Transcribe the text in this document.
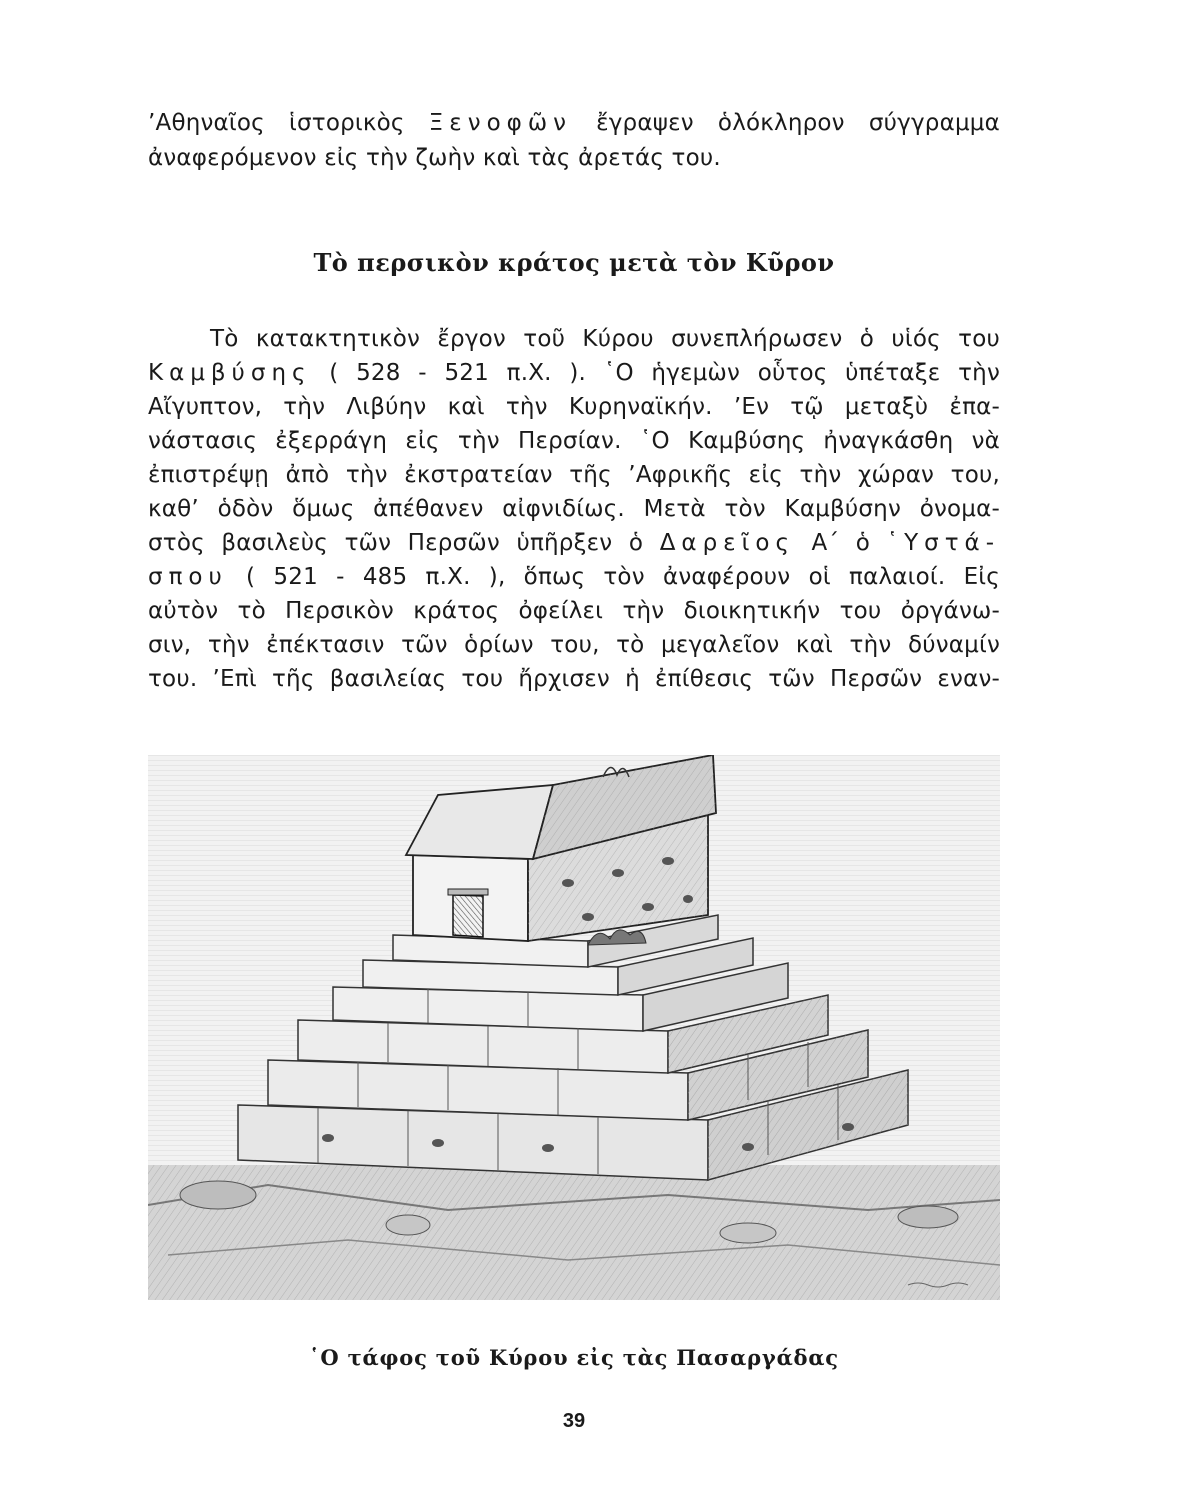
’Αθηναῖος ἱστορικὸς Ξενοφῶν ἔγραψεν ὁλόκληρον σύγγραμμα

ἀναφερόμενον εἰς τὴν ζωὴν καὶ τὰς ἀρετάς του.

Τὸ περσικὸν κράτος μετὰ τὸν Κῦρον

Τὸ κατακτητικὸν ἔργον τοῦ Κύρου συνεπλήρωσεν ὁ υἱός του

Καμβύσης ( 528 - 521 π.Χ. ). ῾Ο ἡγεμὼν οὗτος ὑπέταξε τὴν

Αἴγυπτον, τὴν Λιβύην καὶ τὴν Κυρηναϊκήν. ’Εν τῷ μεταξὺ ἐπα-

νάστασις ἐξερράγη εἰς τὴν Περσίαν. ῾Ο Καμβύσης ἠναγκάσθη νὰ

ἐπιστρέψῃ ἀπὸ τὴν ἐκστρατείαν τῆς ’Αφρικῆς εἰς τὴν χώραν του,

καθ’ ὁδὸν ὅμως ἀπέθανεν αἰφνιδίως. Μετὰ τὸν Καμβύσην ὀνομα-

στὸς βασιλεὺς τῶν Περσῶν ὑπῆρξεν ὁ Δαρεῖος Α΄ ὁ ῾Υστά-

σπου ( 521 - 485 π.Χ. ), ὅπως τὸν ἀναφέρουν οἱ παλαιοί. Εἰς

αὐτὸν τὸ Περσικὸν κράτος ὀφείλει τὴν διοικητικήν του ὀργάνω-

σιν, τὴν ἐπέκτασιν τῶν ὁρίων του, τὸ μεγαλεῖον καὶ τὴν δύναμίν

του. ’Επὶ τῆς βασιλείας του ἤρχισεν ἡ ἐπίθεσις τῶν Περσῶν εναν-

῾Ο τάφος τοῦ Κύρου εἰς τὰς Πασαργάδας

39
